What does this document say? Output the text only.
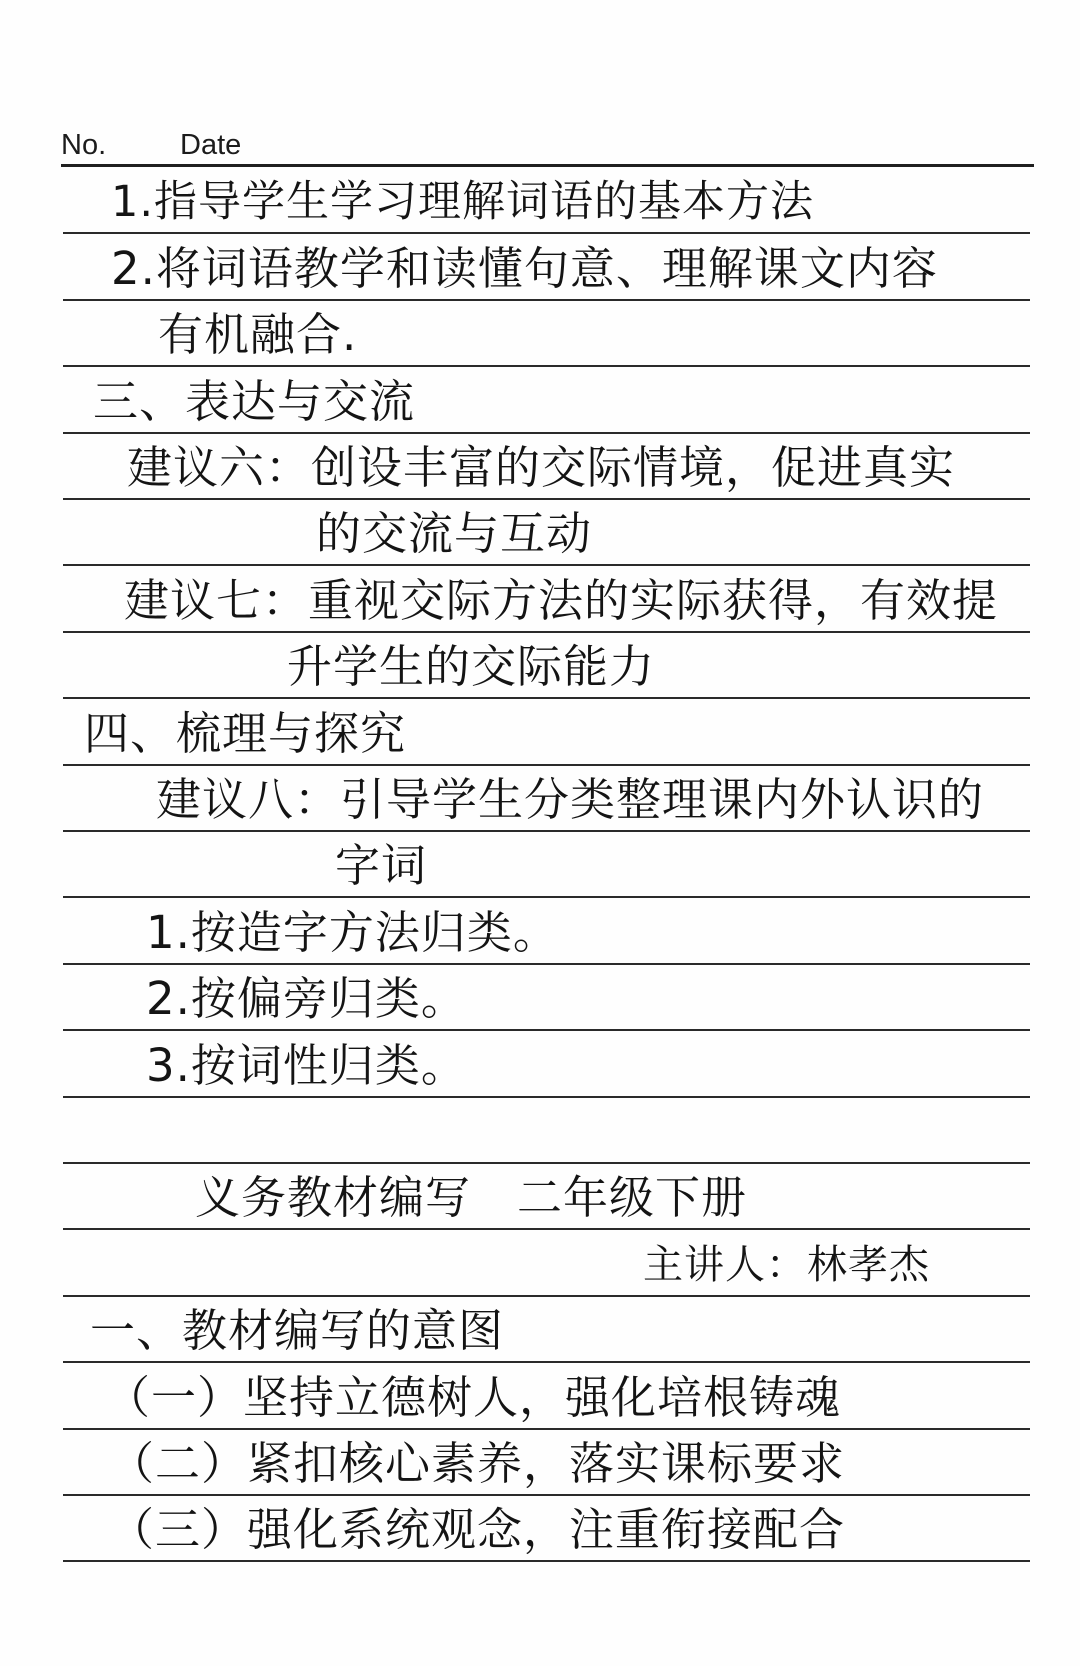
No.	Date
1.指导学生学习理解词语的基本方法
2.将词语教学和读懂句意、理解课文内容
有机融合.
三、表达与交流
建议六：创设丰富的交际情境，促进真实
的交流与互动
建议七：重视交际方法的实际获得，有效提
升学生的交际能力
四、梳理与探究
建议八：引导学生分类整理课内外认识的
字词
1.按造字方法归类。
2.按偏旁归类。
3.按词性归类。
义务教材编写 二年级下册
主讲人：林孝杰
一、教材编写的意图
（一）坚持立德树人，强化培根铸魂
（二）紧扣核心素养，落实课标要求
（三）强化系统观念，注重衔接配合
